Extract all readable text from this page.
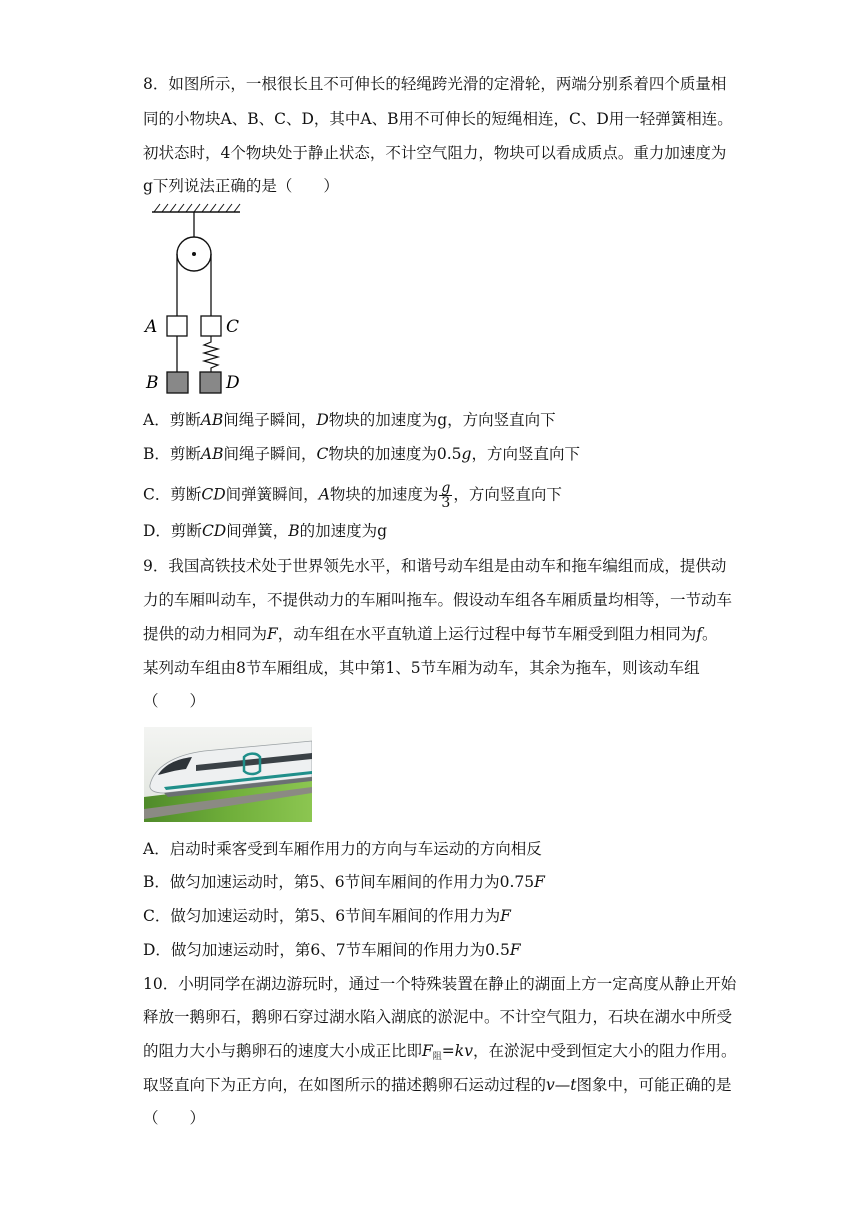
8．如图所示，一根很长且不可伸长的轻绳跨光滑的定滑轮，两端分别系着四个质量相
同的小物块A、B、C、D，其中A、B用不可伸长的短绳相连，C、D用一轻弹簧相连。
初状态时，4个物块处于静止状态，不计空气阻力，物块可以看成质点。重力加速度为
g下列说法正确的是（　　）
A	C
B	D
A．剪断AB间绳子瞬间，D物块的加速度为g，方向竖直向下
B．剪断AB间绳子瞬间，C物块的加速度为0.5g，方向竖直向下
C．剪断CD间弹簧瞬间，A物块的加速度为 $\frac{g}{3}$ ，方向竖直向下
D．剪断CD间弹簧，B的加速度为g
9．我国高铁技术处于世界领先水平，和谐号动车组是由动车和拖车编组而成，提供动
力的车厢叫动车，不提供动力的车厢叫拖车。假设动车组各车厢质量均相等，一节动车
提供的动力相同为F，动车组在水平直轨道上运行过程中每节车厢受到阻力相同为f。
某列动车组由8节车厢组成，其中第1、5节车厢为动车，其余为拖车，则该动车组
（　　）
A．启动时乘客受到车厢作用力的方向与车运动的方向相反
B．做匀加速运动时，第5、6节间车厢间的作用力为0.75F
C．做匀加速运动时，第5、6节间车厢间的作用力为F
D．做匀加速运动时，第6、7节车厢间的作用力为0.5F
10．小明同学在湖边游玩时，通过一个特殊装置在静止的湖面上方一定高度从静止开始
释放一鹅卵石，鹅卵石穿过湖水陷入湖底的淤泥中。不计空气阻力，石块在湖水中所受
的阻力大小与鹅卵石的速度大小成正比即$F_阻=kv$，在淤泥中受到恒定大小的阻力作用。
取竖直向下为正方向，在如图所示的描述鹅卵石运动过程的v—t图象中，可能正确的是
（　　）
